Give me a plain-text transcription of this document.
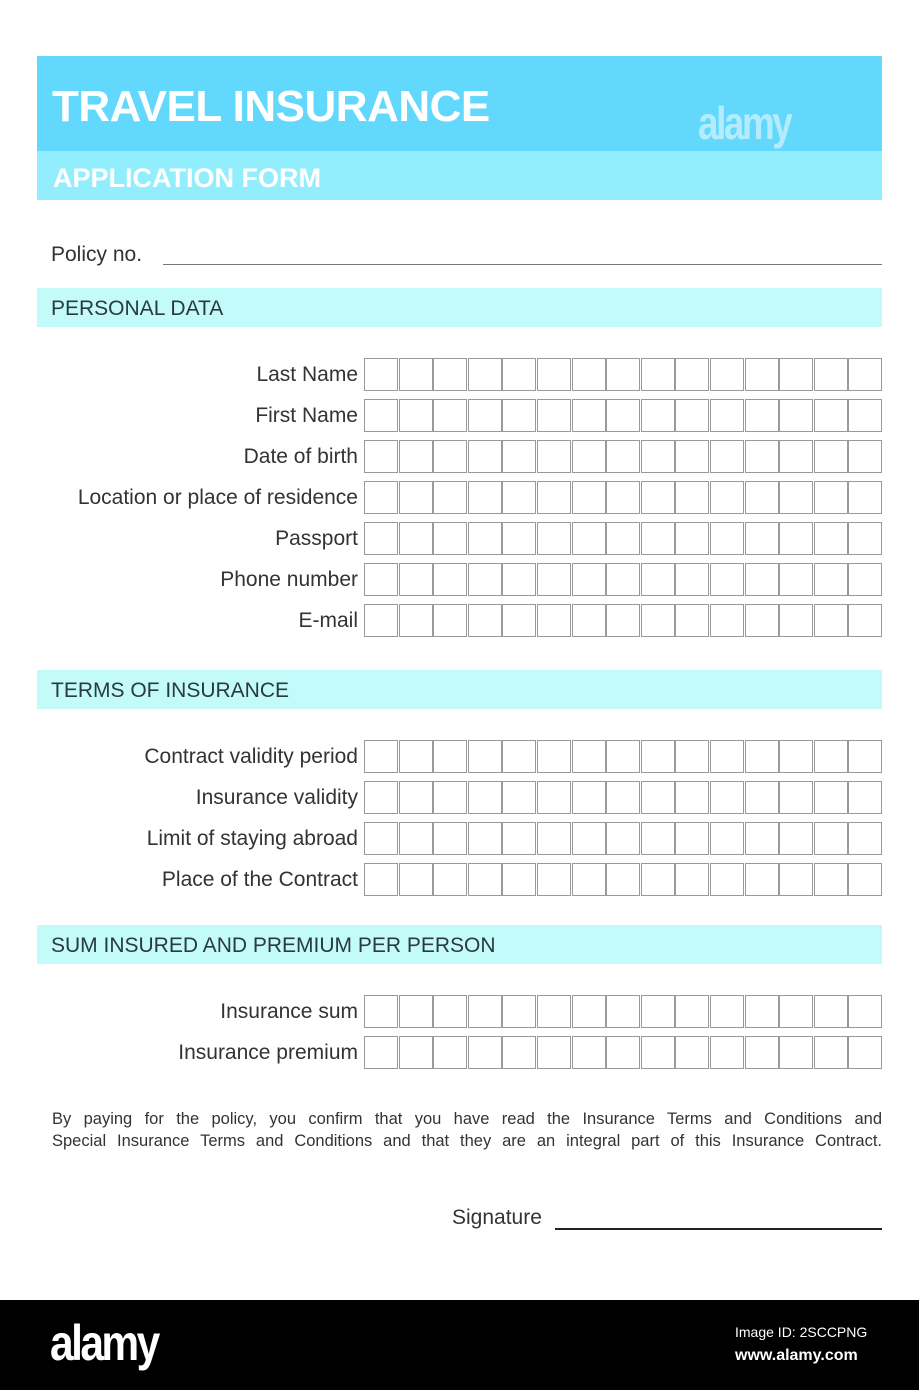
TRAVEL INSURANCE	alamy
APPLICATION FORM
Policy no.
PERSONAL DATA
Last Name
First Name
Date of birth
Location or place of residence
Passport
Phone number
E-mail
TERMS OF INSURANCE
Contract validity period
Insurance validity
Limit of staying abroad
Place of the Contract
SUM INSURED AND PREMIUM PER PERSON
Insurance sum
Insurance premium
By paying for the policy, you confirm that you have read the Insurance Terms and Conditions and
Special Insurance Terms and Conditions and that they are an integral part of this Insurance Contract.
Signature
alamy	Image ID: 2SCCPNG
www.alamy.com
